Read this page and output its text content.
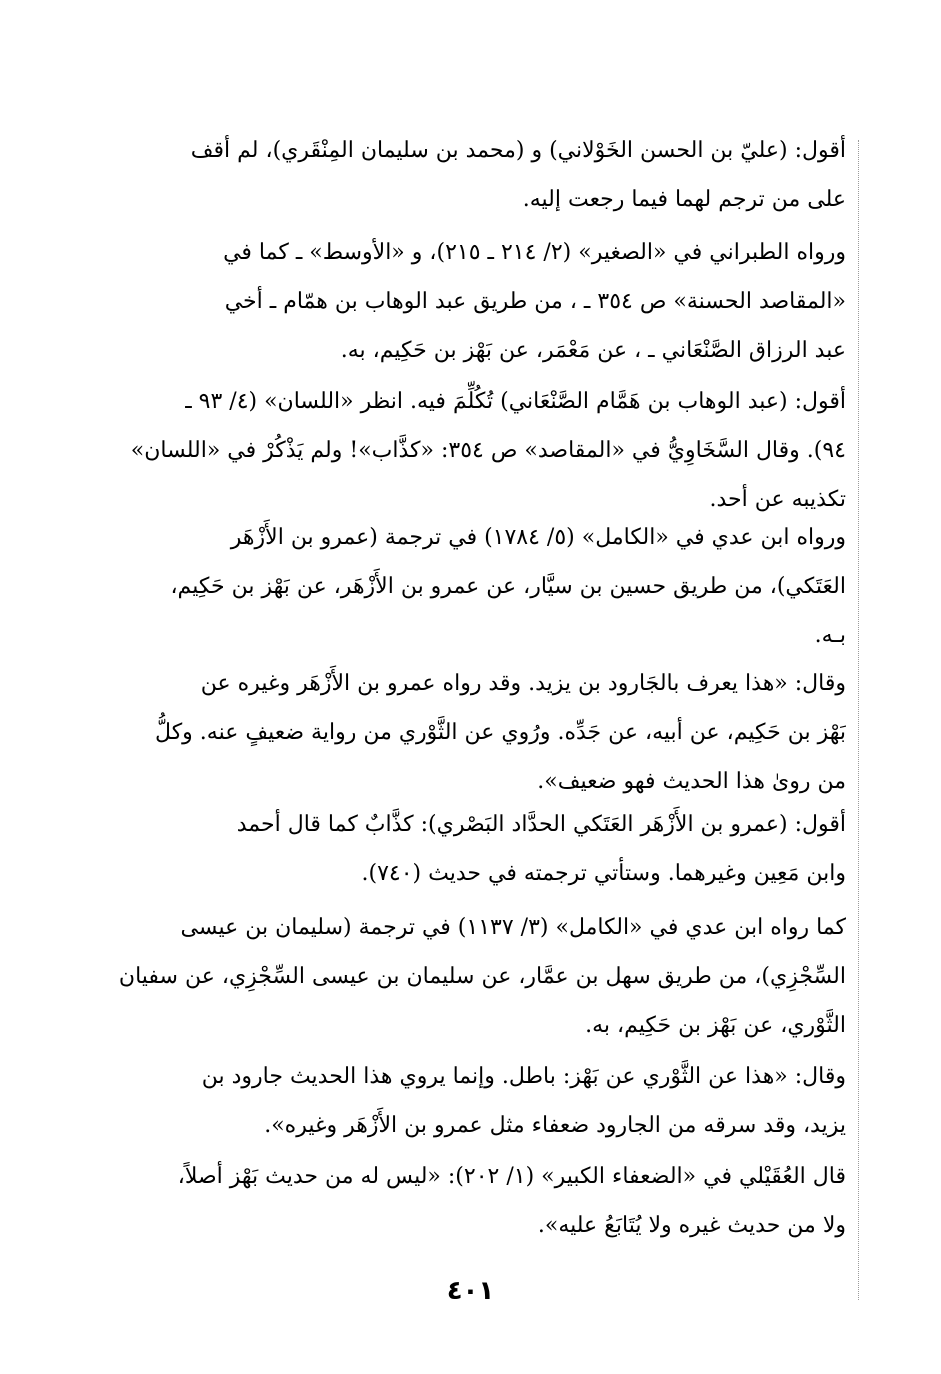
أقول: (عليّ بن الحسن الخَوْلاني) و (محمد بن سليمان المِنْقَري)، لم أقف
على من ترجم لهما فيما رجعت إليه.
ورواه الطبراني في «الصغير» (٢/ ٢١٤ ـ ٢١٥)، و «الأوسط» ـ كما في
«المقاصد الحسنة» ص ٣٥٤ ـ ، من طريق عبد الوهاب بن همّام ـ أخي
عبد الرزاق الصَّنْعَاني ـ ، عن مَعْمَر، عن بَهْز بن حَكِيم، به.
أقول: (عبد الوهاب بن هَمَّام الصَّنْعَاني) تُكُلِّمَ فيه. انظر «اللسان» (٤/ ٩٣ ـ
٩٤). وقال السَّخَاوِيُّ في «المقاصد» ص ٣٥٤: «كذَّاب»! ولم يَذْكُرْ في «اللسان»
تكذيبه عن أحد.
ورواه ابن عدي في «الكامل» (٥/ ١٧٨٤) في ترجمة (عمرو بن الأَزْهَر
العَتَكي)، من طريق حسين بن سيَّار، عن عمرو بن الأَزْهَر، عن بَهْز بن حَكِيم،
بـه.
وقال: «هذا يعرف بالجَارود بن يزيد. وقد رواه عمرو بن الأَزْهَر وغيره عن
بَهْز بن حَكِيم، عن أبيه، عن جَدِّه. ورُوي عن الثَّوْري من رواية ضعيفٍ عنه. وكلُّ
من روىٰ هذا الحديث فهو ضعيف».
أقول: (عمرو بن الأَزْهَر العَتَكي الحدَّاد البَصْري): كذَّابٌ كما قال أحمد
وابن مَعِين وغيرهما. وستأتي ترجمته في حديث (٧٤٠).
كما رواه ابن عدي في «الكامل» (٣/ ١١٣٧) في ترجمة (سليمان بن عيسى
السِّجْزِي)، من طريق سهل بن عمَّار، عن سليمان بن عيسى السِّجْزِي، عن سفيان
الثَّوْري، عن بَهْز بن حَكِيم، به.
وقال: «هذا عن الثَّوْري عن بَهْز: باطل. وإنما يروي هذا الحديث جارود بن
يزيد، وقد سرقه من الجارود ضعفاء مثل عمرو بن الأَزْهَر وغيره».
قال العُقَيْلي في «الضعفاء الكبير» (١/ ٢٠٢): «ليس له من حديث بَهْز أصلاً،
ولا من حديث غيره ولا يُتَابَعُ عليه».
٤٠١
